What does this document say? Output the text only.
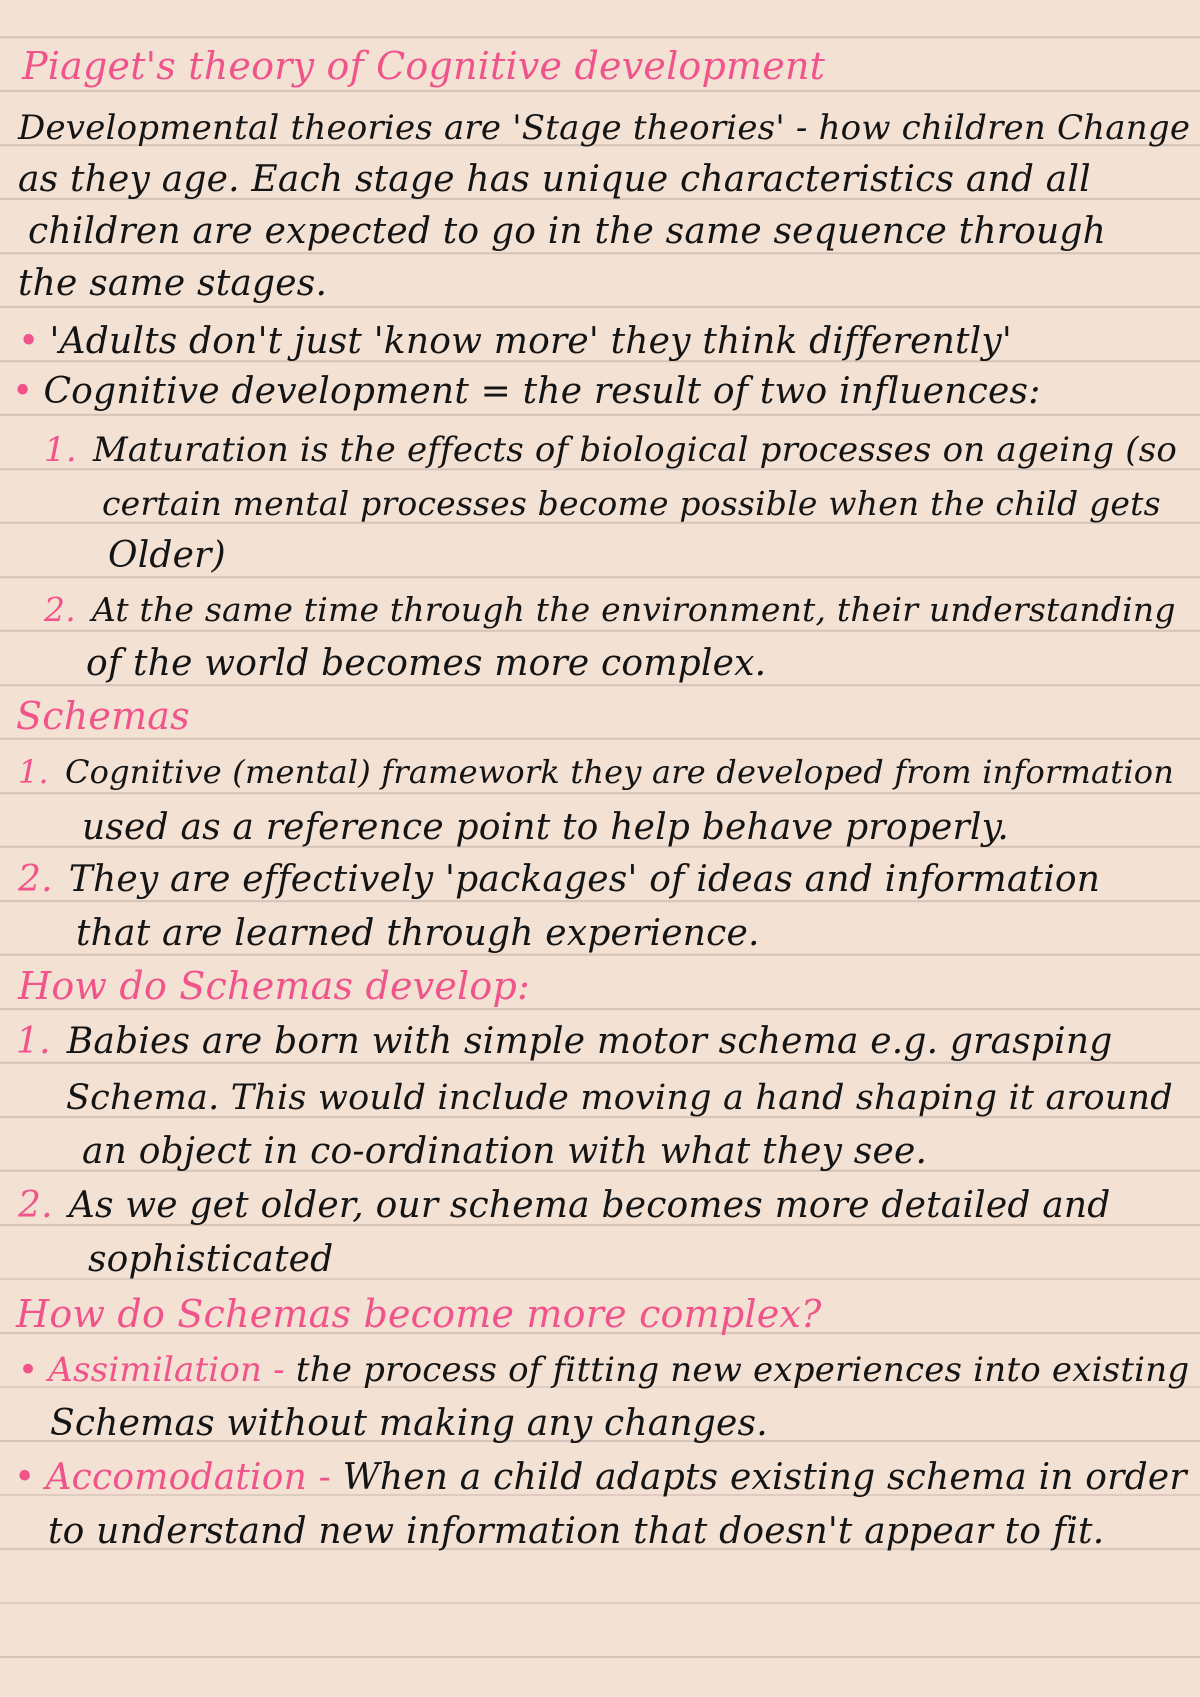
Piaget's theory of Cognitive development
Developmental theories are 'Stage theories' - how children Change
as they age. Each stage has unique characteristics and all
children are expected to go in the same sequence through
the same stages.
• 'Adults don't just 'know more' they think differently'
• Cognitive development = the result of two influences:
1. Maturation is the effects of biological processes on ageing (so
certain mental processes become possible when the child gets
Older)
2. At the same time through the environment, their understanding
of the world becomes more complex.
Schemas
1. Cognitive (mental) framework they are developed from information
used as a reference point to help behave properly.
2. They are effectively 'packages' of ideas and information
that are learned through experience.
How do Schemas develop:
1. Babies are born with simple motor schema e.g. grasping
Schema. This would include moving a hand shaping it around
an object in co-ordination with what they see.
2. As we get older, our schema becomes more detailed and
sophisticated
How do Schemas become more complex?
• Assimilation - the process of fitting new experiences into existing
Schemas without making any changes.
• Accomodation - When a child adapts existing schema in order
to understand new information that doesn't appear to fit.
